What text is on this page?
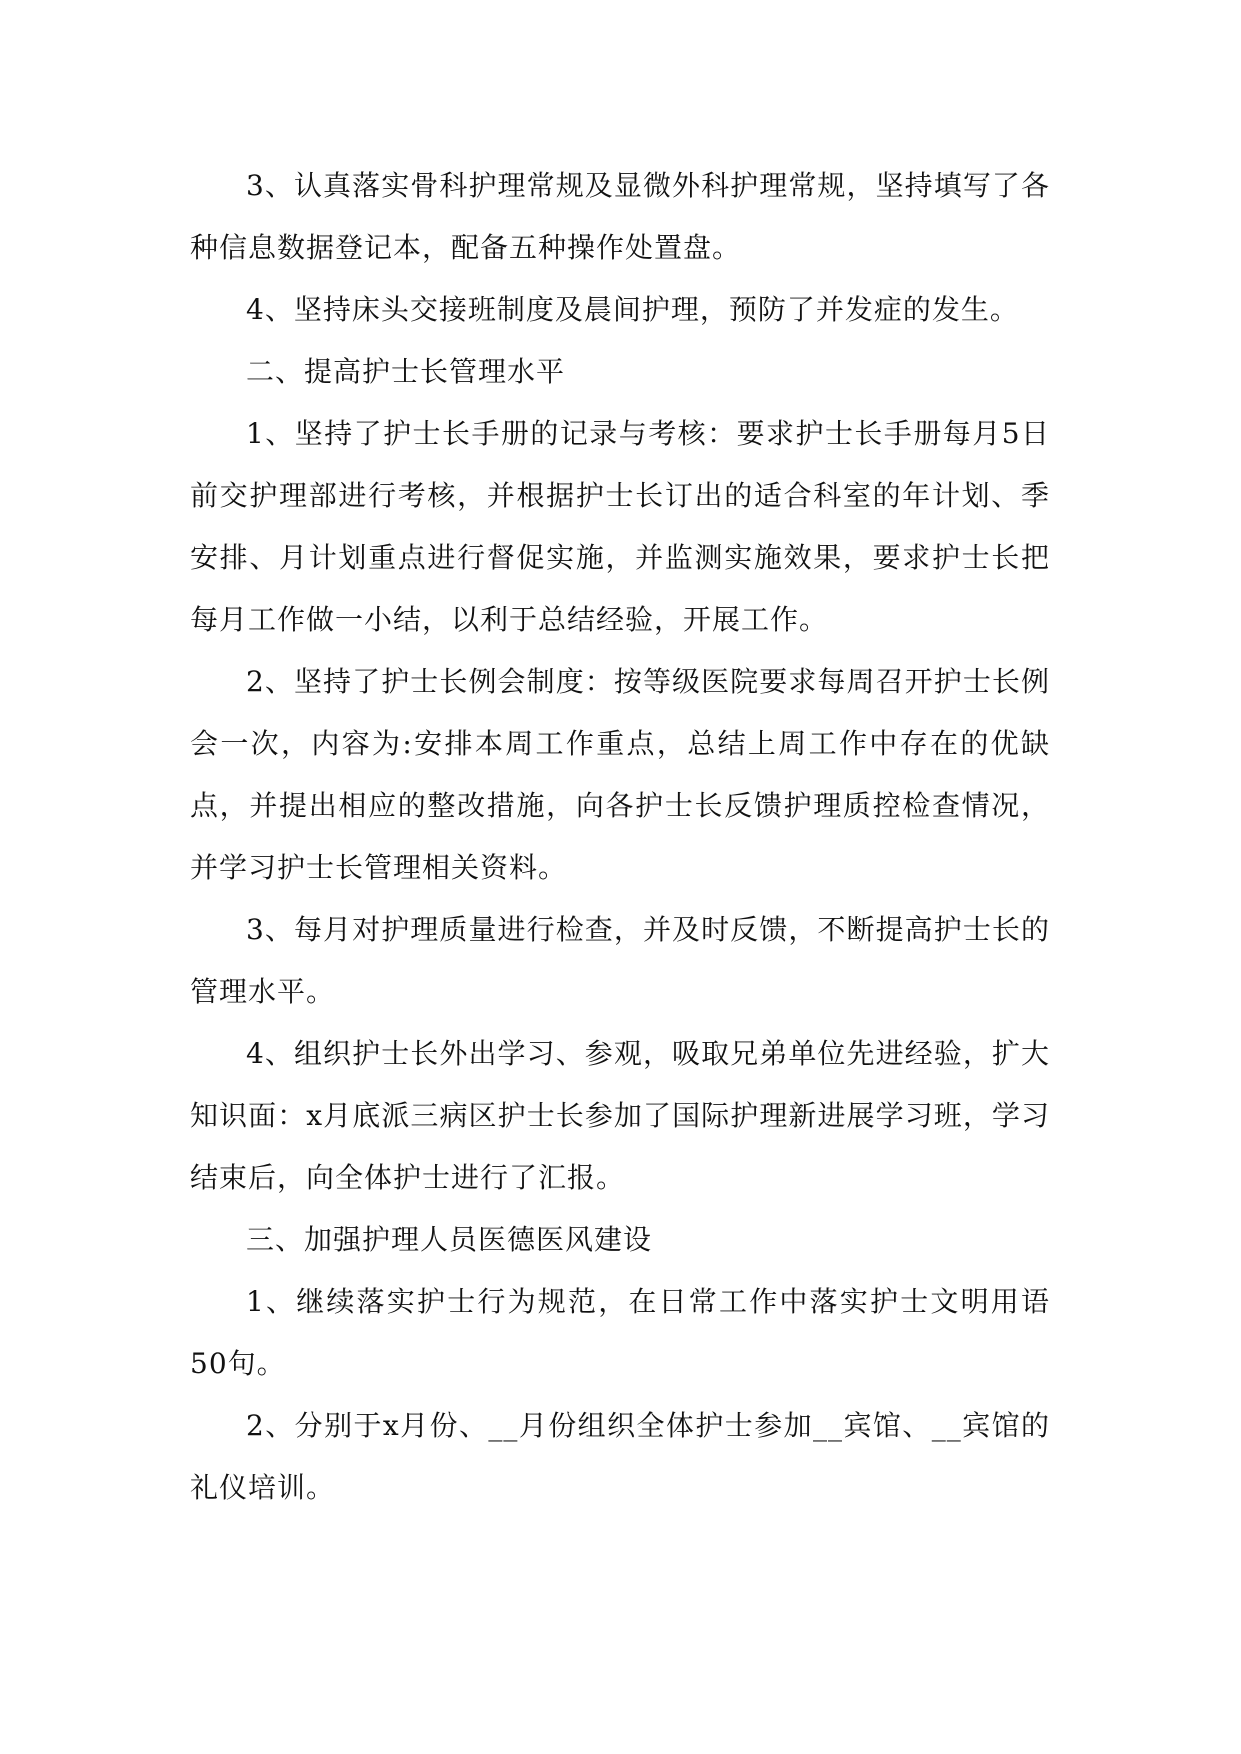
3、认真落实骨科护理常规及显微外科护理常规，坚持填写了各种信息数据登记本，配备五种操作处置盘。

4、坚持床头交接班制度及晨间护理，预防了并发症的发生。

二、提高护士长管理水平

1、坚持了护士长手册的记录与考核：要求护士长手册每月5日前交护理部进行考核，并根据护士长订出的适合科室的年计划、季安排、月计划重点进行督促实施，并监测实施效果，要求护士长把每月工作做一小结，以利于总结经验，开展工作。

2、坚持了护士长例会制度：按等级医院要求每周召开护士长例会一次，内容为:安排本周工作重点，总结上周工作中存在的优缺点，并提出相应的整改措施，向各护士长反馈护理质控检查情况，并学习护士长管理相关资料。

3、每月对护理质量进行检查，并及时反馈，不断提高护士长的管理水平。

4、组织护士长外出学习、参观，吸取兄弟单位先进经验，扩大知识面：x月底派三病区护士长参加了国际护理新进展学习班，学习结束后，向全体护士进行了汇报。

三、加强护理人员医德医风建设

1、继续落实护士行为规范，在日常工作中落实护士文明用语50句。

2、分别于x月份、__月份组织全体护士参加__宾馆、__宾馆的礼仪培训。
